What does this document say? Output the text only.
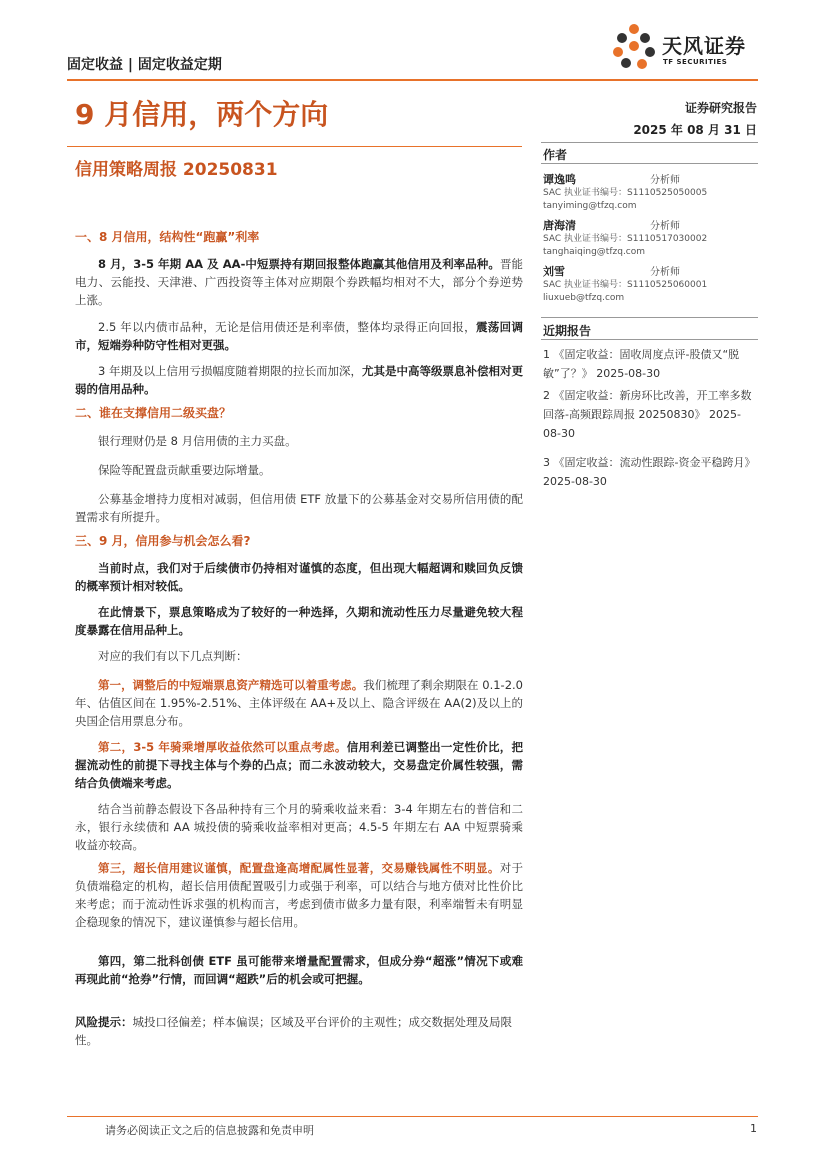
固定收益 | 固定收益定期
天风证券
TF SECURITIES
9 月信用，两个方向
信用策略周报 20250831
证券研究报告
2025 年 08 月 31 日
作者
谭逸鸣	分析师
SAC 执业证书编号：S1110525050005
tanyiming@tfzq.com
唐海清	分析师
SAC 执业证书编号：S1110517030002
tanghaiqing@tfzq.com
刘雪	分析师
SAC 执业证书编号：S1110525060001
liuxueb@tfzq.com
近期报告
1 《固定收益：固收周度点评-股债又“脱敏”了？》 2025-08-30
2 《固定收益：新房环比改善，开工率多数回落-高频跟踪周报 20250830》 2025-08-30
3 《固定收益：流动性跟踪-资金平稳跨月》 2025-08-30
一、8 月信用，结构性“跑赢”利率

8 月，3-5 年期 AA 及 AA-中短票持有期回报整体跑赢其他信用及利率品种。晋能电力、云能投、天津港、广西投资等主体对应期限个券跌幅均相对不大，部分个券逆势上涨。

2.5 年以内债市品种，无论是信用债还是利率债，整体均录得正向回报，震荡回调市，短端券种防守性相对更强。

3 年期及以上信用亏损幅度随着期限的拉长而加深，尤其是中高等级票息补偿相对更弱的信用品种。

二、谁在支撑信用二级买盘？

银行理财仍是 8 月信用债的主力买盘。

保险等配置盘贡献重要边际增量。

公募基金增持力度相对减弱，但信用债 ETF 放量下的公募基金对交易所信用债的配置需求有所提升。

三、9 月，信用参与机会怎么看?

当前时点，我们对于后续债市仍持相对谨慎的态度，但出现大幅超调和赎回负反馈的概率预计相对较低。

在此情景下，票息策略成为了较好的一种选择，久期和流动性压力尽量避免较大程度暴露在信用品种上。

对应的我们有以下几点判断：

第一，调整后的中短端票息资产精选可以着重考虑。我们梳理了剩余期限在 0.1-2.0 年、估值区间在 1.95%-2.51%、主体评级在 AA+及以上、隐含评级在 AA(2)及以上的央国企信用票息分布。

第二，3-5 年骑乘增厚收益依然可以重点考虑。信用利差已调整出一定性价比，把握流动性的前提下寻找主体与个券的凸点；而二永波动较大，交易盘定价属性较强，需结合负债端来考虑。

结合当前静态假设下各品种持有三个月的骑乘收益来看：3-4 年期左右的普信和二永，银行永续债和 AA 城投债的骑乘收益率相对更高；4.5-5 年期左右 AA 中短票骑乘收益亦较高。

第三，超长信用建议谨慎，配置盘逢高增配属性显著，交易赚钱属性不明显。对于负债端稳定的机构，超长信用债配置吸引力或强于利率，可以结合与地方债对比性价比来考虑；而于流动性诉求强的机构而言，考虑到债市做多力量有限，利率端暂未有明显企稳现象的情况下，建议谨慎参与超长信用。

第四，第二批科创债 ETF 虽可能带来增量配置需求，但成分券“超涨”情况下或难再现此前“抢券”行情，而回调“超跌”后的机会或可把握。

风险提示：城投口径偏差；样本偏误；区域及平台评价的主观性；成交数据处理及局限性。
请务必阅读正文之后的信息披露和免责申明	1
